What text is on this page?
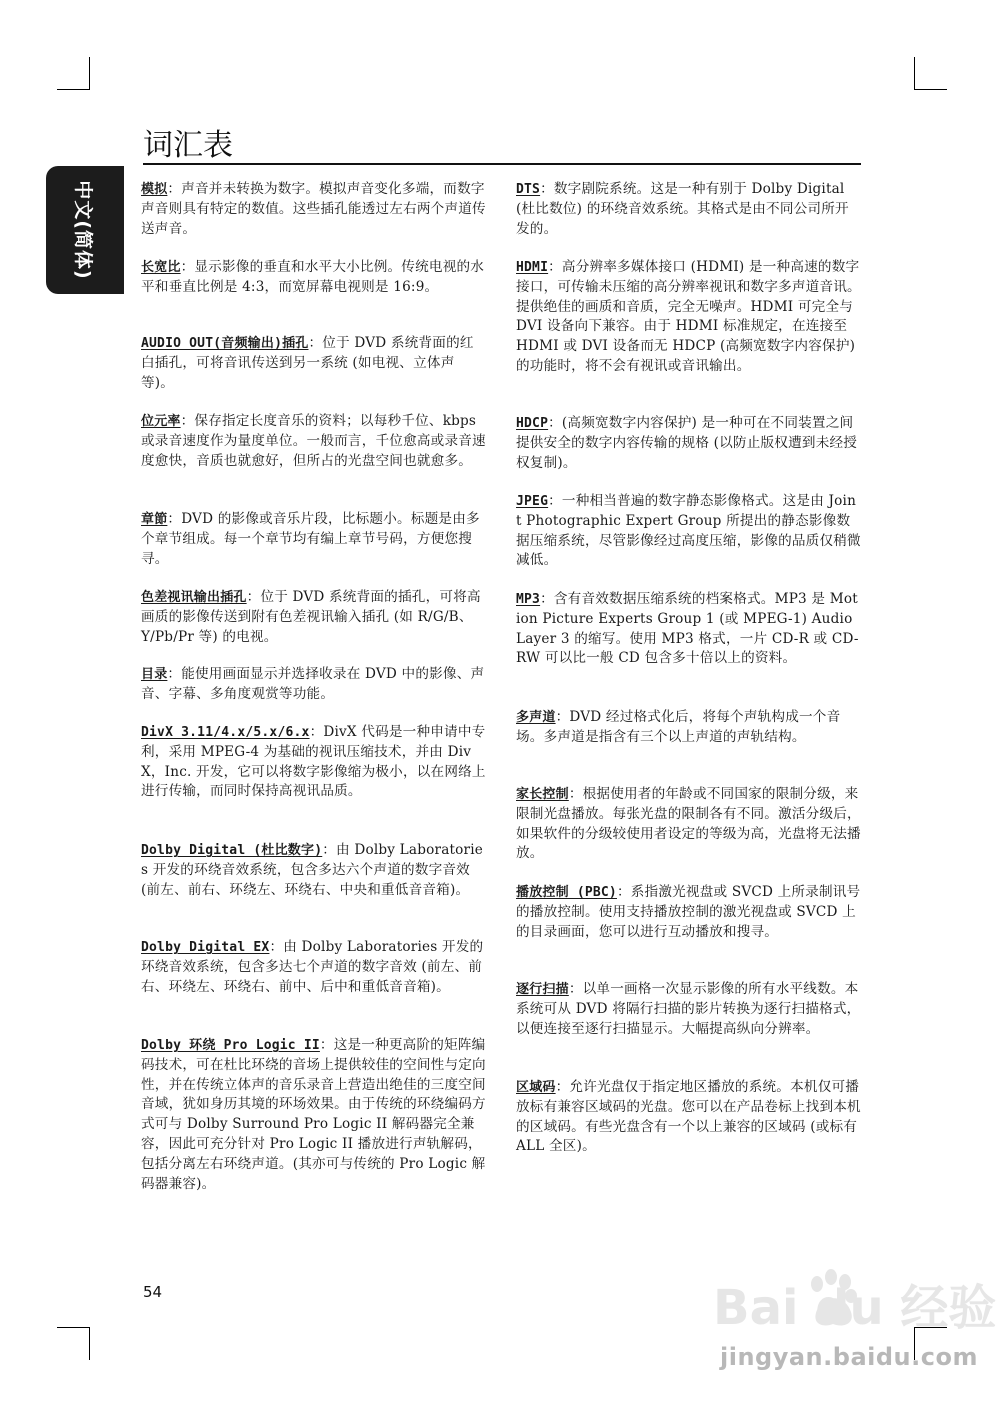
词汇表
中文(简体)	模拟：声音并未转换为数字。模拟声音变化多端，而数字声音则具有特定的数值。这些插孔能透过左右两个声道传送声音。
长宽比：显示影像的垂直和水平大小比例。传统电视的水平和垂直比例是 4:3，而宽屏幕电视则是 16:9。
AUDIO OUT(音频输出)插孔：位于 DVD 系统背面的红白插孔，可将音讯传送到另一系统 (如电视、立体声等)。
位元率：保存指定长度音乐的资料；以每秒千位、kbps 或录音速度作为量度单位。一般而言，千位愈高或录音速度愈快，音质也就愈好，但所占的光盘空间也就愈多。
章節：DVD 的影像或音乐片段，比标题小。标题是由多个章节组成。每一个章节均有编上章节号码，方便您搜寻。
色差视讯输出插孔：位于 DVD 系统背面的插孔，可将高画质的影像传送到附有色差视讯输入插孔 (如 R/G/B、Y/Pb/Pr 等) 的电视。
目录：能使用画面显示并选择收录在 DVD 中的影像、声音、字幕、多角度观赏等功能。
DivX 3.11/4.x/5.x/6.x：DivX 代码是一种申请中专利，采用 MPEG-4 为基础的视讯压缩技术，并由 DivX，Inc. 开发，它可以将数字影像缩为极小，以在网络上进行传输，而同时保持高视讯品质。
Dolby Digital (杜比数字)：由 Dolby Laboratories 开发的环绕音效系统，包含多达六个声道的数字音效 (前左、前右、环绕左、环绕右、中央和重低音音箱)。
Dolby Digital EX：由 Dolby Laboratories 开发的环绕音效系统，包含多达七个声道的数字音效 (前左、前右、环绕左、环绕右、前中、后中和重低音音箱)。
Dolby 环绕 Pro Logic II：这是一种更高阶的矩阵编码技术，可在杜比环绕的音场上提供较佳的空间性与定向性，并在传统立体声的音乐录音上营造出绝佳的三度空间音域，犹如身历其境的环场效果。由于传统的环绕编码方式可与 Dolby Surround Pro Logic II 解码器完全兼容，因此可充分针对 Pro Logic II 播放进行声轨解码，包括分离左右环绕声道。(其亦可与传统的 Pro Logic 解码器兼容)。
DTS：数字剧院系统。这是一种有别于 Dolby Digital (杜比数位) 的环绕音效系统。其格式是由不同公司所开发的。
HDMI：高分辨率多媒体接口 (HDMI) 是一种高速的数字接口，可传输未压缩的高分辨率视讯和数字多声道音讯。提供绝佳的画质和音质，完全无噪声。HDMI 可完全与 DVI 设备向下兼容。由于 HDMI 标准规定，在连接至 HDMI 或 DVI 设备而无 HDCP (高频宽数字内容保护) 的功能时，将不会有视讯或音讯输出。
HDCP：(高频宽数字内容保护) 是一种可在不同装置之间提供安全的数字内容传输的规格 (以防止版权遭到未经授权复制)。
JPEG：一种相当普遍的数字静态影像格式。这是由 Joint Photographic Expert Group 所提出的静态影像数据压缩系统，尽管影像经过高度压缩，影像的品质仅稍微减低。
MP3：含有音效数据压缩系统的档案格式。MP3 是 Motion Picture Experts Group 1 (或 MPEG-1) Audio Layer 3 的缩写。使用 MP3 格式，一片 CD-R 或 CD-RW 可以比一般 CD 包含多十倍以上的资料。
多声道：DVD 经过格式化后，将每个声轨构成一个音场。多声道是指含有三个以上声道的声轨结构。
家长控制：根据使用者的年龄或不同国家的限制分级，来限制光盘播放。每张光盘的限制各有不同。激活分级后，如果软件的分级较使用者设定的等级为高，光盘将无法播放。
播放控制 (PBC)：系指激光视盘或 SVCD 上所录制讯号的播放控制。使用支持播放控制的激光视盘或 SVCD 上的目录画面，您可以进行互动播放和搜寻。
逐行扫描：以单一画格一次显示影像的所有水平线数。本系统可从 DVD 将隔行扫描的影片转换为逐行扫描格式，以便连接至逐行扫描显示。大幅提高纵向分辨率。
区域码：允许光盘仅于指定地区播放的系统。本机仅可播放标有兼容区域码的光盘。您可以在产品卷标上找到本机的区域码。有些光盘含有一个以上兼容的区域码 (或标有 ALL 全区)。
54	Bai du 经验
jingyan.baidu.com
